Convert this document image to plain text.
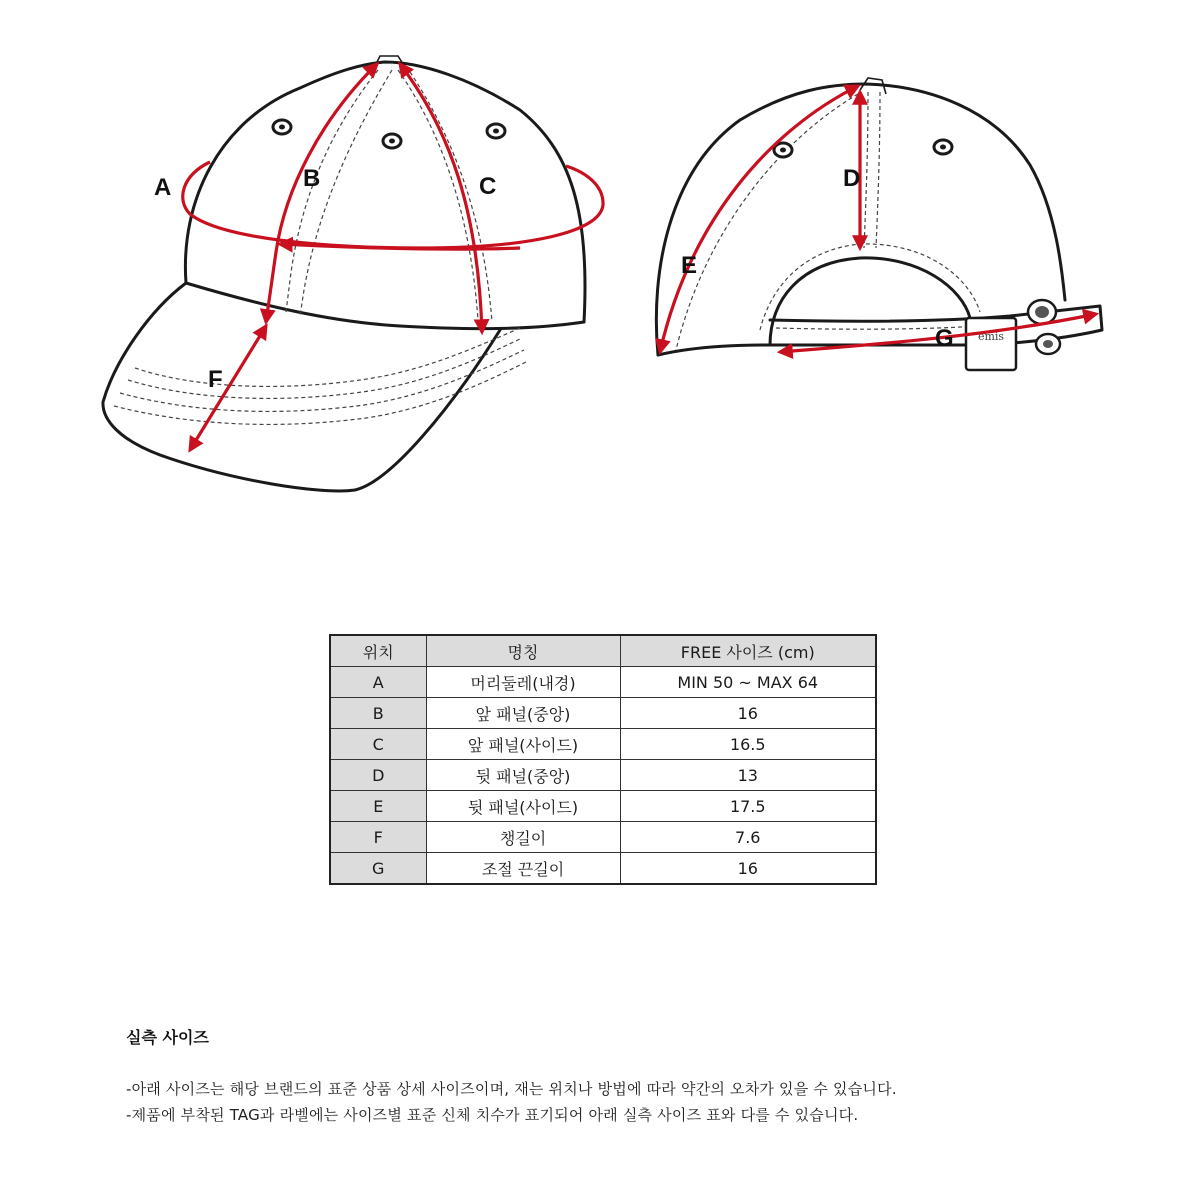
emis
A	B	C	D
E
F
G
위치	명칭	FREE 사이즈 (cm)
A	머리둘레(내경)	MIN 50 ~ MAX 64
B	앞 패널(중앙)	16
C	앞 패널(사이드)	16.5
D	뒷 패널(중앙)	13
E	뒷 패널(사이드)	17.5
F	챙길이	7.6
G	조절 끈길이	16

실측 사이즈

-아래 사이즈는 해당 브랜드의 표준 상품 상세 사이즈이며, 재는 위치나 방법에 따라 약간의 오차가 있을 수 있습니다.

-제품에 부착된 TAG과 라벨에는 사이즈별 표준 신체 치수가 표기되어 아래 실측 사이즈 표와 다를 수 있습니다.
